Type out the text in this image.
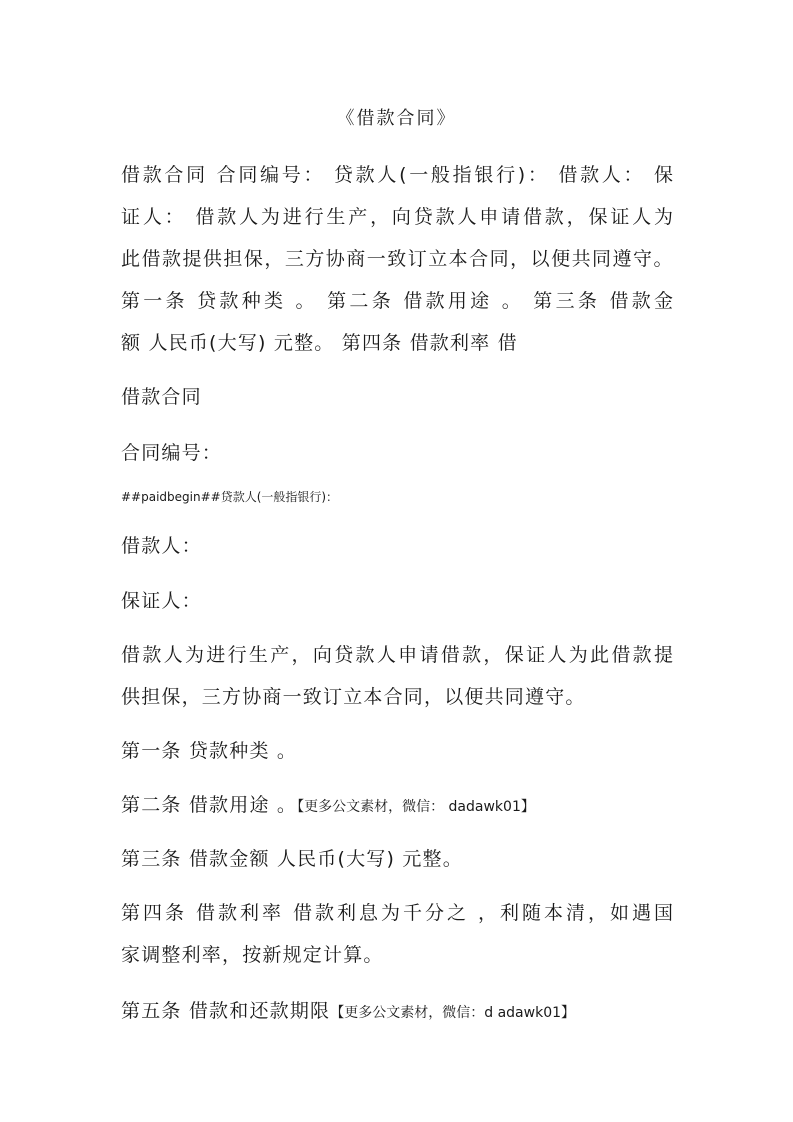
《借款合同》
借款合同 合同编号： 贷款人(一般指银行)： 借款人： 保
证人： 借款人为进行生产，向贷款人申请借款，保证人为
此借款提供担保，三方协商一致订立本合同，以便共同遵守。
第一条 贷款种类 。 第二条 借款用途 。 第三条 借款金
额 人民币(大写) 元整。 第四条 借款利率 借
借款合同
合同编号：
##paidbegin##贷款人(一般指银行)：
借款人：
保证人：
借款人为进行生产，向贷款人申请借款，保证人为此借款提
供担保，三方协商一致订立本合同，以便共同遵守。
第一条 贷款种类 。
第二条 借款用途 。【更多公文素材，微信： dadawk01】
第三条 借款金额 人民币(大写) 元整。
第四条 借款利率 借款利息为千分之 ，利随本清，如遇国
家调整利率，按新规定计算。
第五条 借款和还款期限【更多公文素材，微信：d adawk01】
